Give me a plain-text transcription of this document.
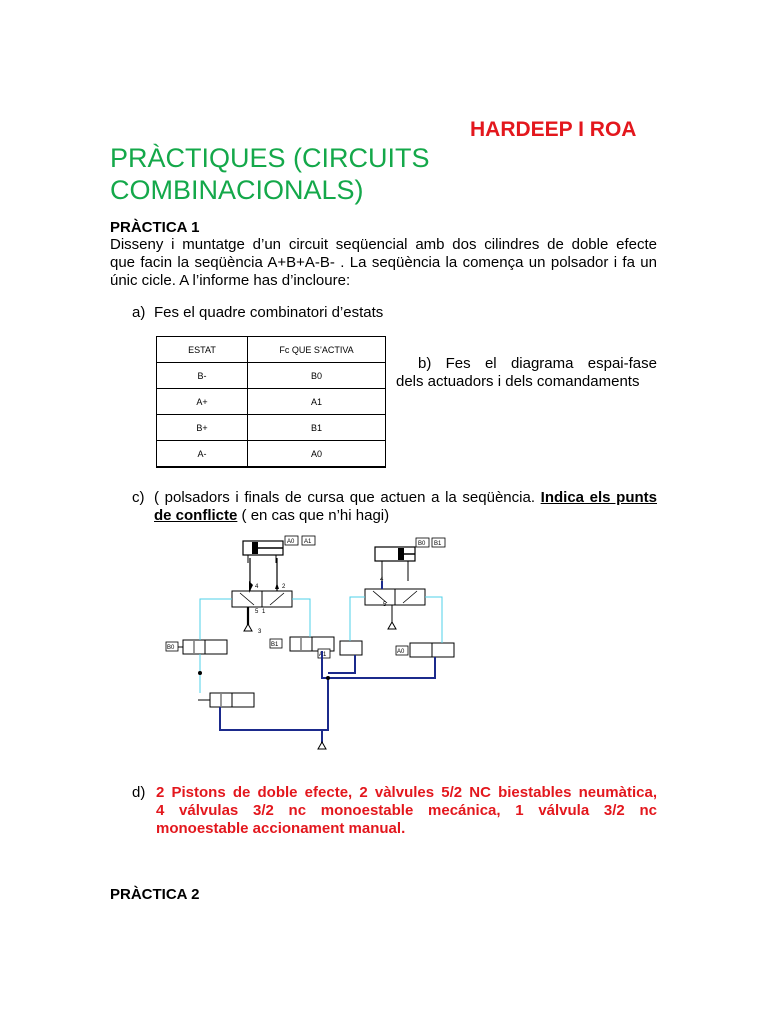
HARDEEP I ROA
PRÀCTIQUES (CIRCUITS
COMBINACIONALS)
PRÀCTICA 1
Disseny i muntatge d’un circuit seqüencial amb dos cilindres de doble efecte
que facin la seqüència A+B+A-B- . La seqüència la comença un polsador i fa un
únic cicle. A l’informe has d’incloure:
a) Fes el quadre combinatori d’estats
ESTAT	Fc QUE S’ACTIVA
B-	B0
A+	A1
B+	B1
A-	A0
b) Fes el diagrama espai-fase
dels actuadors i dels comandaments
c) ( polsadors i finals de cursa que actuen a la seqüència. Indica els punts
de conflicte ( en cas que n’hi hagi)
A0 A1	B0 B1
4	2
5 1
3
4
5
B0	B1
A1	A0
d) 2 Pistons de doble efecte, 2 vàlvules 5/2 NC biestables neumàtica,
4 válvulas 3/2 nc monoestable mecánica, 1 válvula 3/2 nc
monoestable accionament manual.
PRÀCTICA 2
